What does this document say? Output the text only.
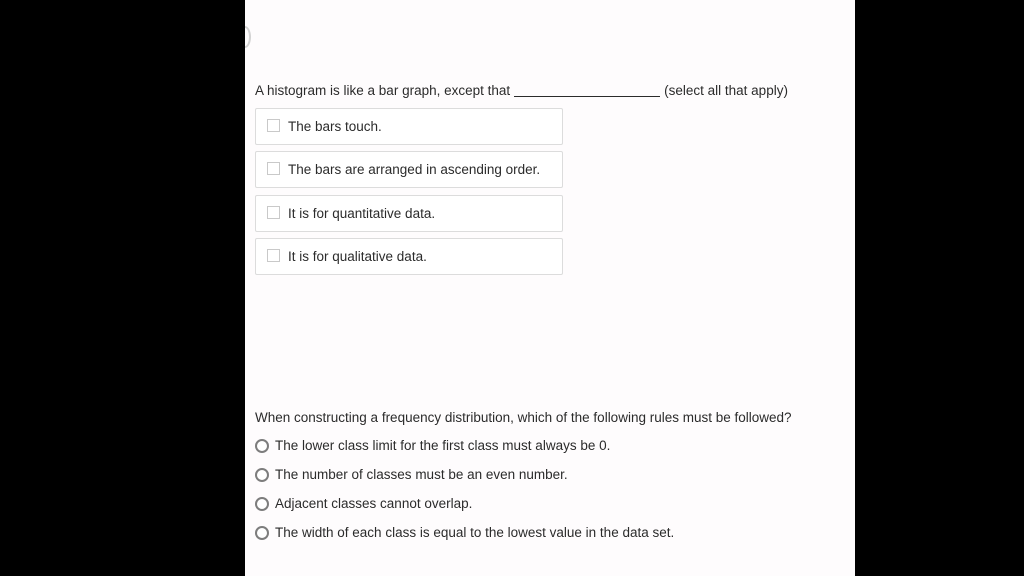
A histogram is like a bar graph, except that	(select all that apply)
The bars touch.
The bars are arranged in ascending order.
It is for quantitative data.
It is for qualitative data.
When constructing a frequency distribution, which of the following rules must be followed?
The lower class limit for the first class must always be 0.
The number of classes must be an even number.
Adjacent classes cannot overlap.
The width of each class is equal to the lowest value in the data set.
